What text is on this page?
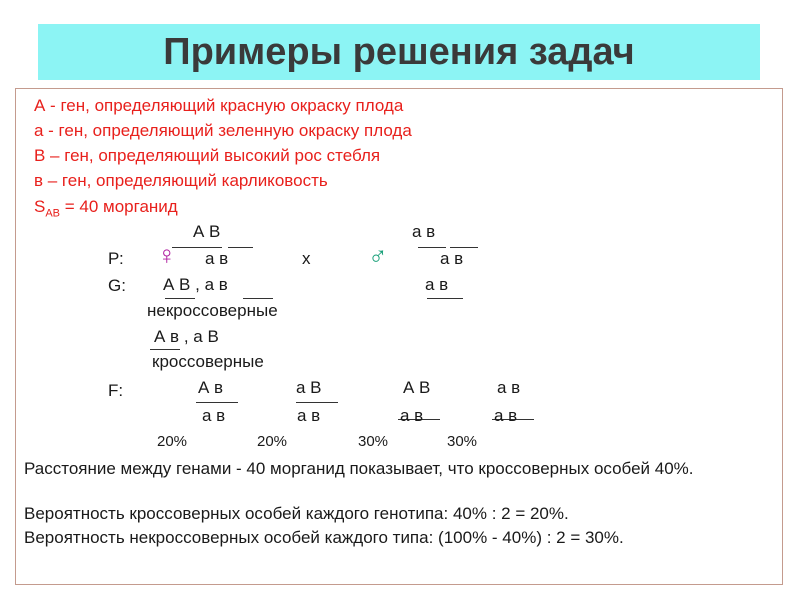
Примеры решения задач
А - ген, определяющий красную окраску плода
а - ген, определяющий зеленную окраску плода
В – ген, определяющий высокий рос стебля
в – ген, определяющий карликовость
$S_{АВ} = 40$ морганид
А В	а в
Р: ♀ а в	х ♂	а в
G: А В , а в	а в
некроссоверные
А в , а В
кроссоверные
F:	А в	а В	А В	а в
а в	а в	а в	а в
20%	20%	30%	30%
Расстояние между генами - 40 морганид показывает, что кроссоверных особей 40%.
Вероятность кроссоверных особей каждого генотипа: 40% : 2 = 20%.
Вероятность некроссоверных особей каждого типа: (100% - 40%) : 2 = 30%.
